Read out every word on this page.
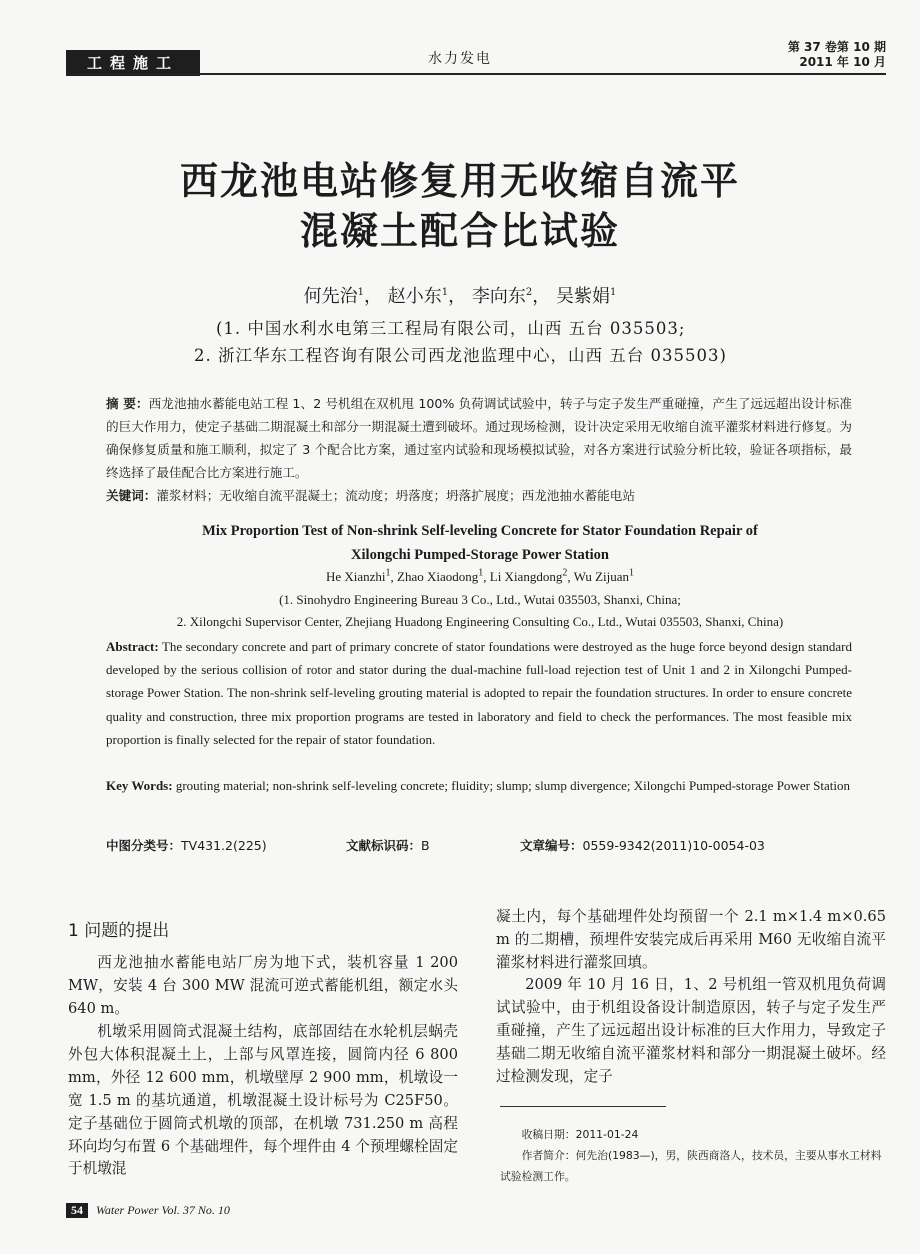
工程施工	水力发电
第 37 卷第 10 期
2011 年 10 月
西龙池电站修复用无收缩自流平
混凝土配合比试验
何先治$^1$， 赵小东$^1$， 李向东$^2$， 吴紫娟$^1$
(1. 中国水利水电第三工程局有限公司，山西 五台 035503;
2. 浙江华东工程咨询有限公司西龙池监理中心，山西 五台 035503)
摘 要：西龙池抽水蓄能电站工程 1、2 号机组在双机甩 100% 负荷调试试验中，转子与定子发生严重碰撞，产生了远远超出设计标准的巨大作用力，使定子基础二期混凝土和部分一期混凝土遭到破坏。通过现场检测，设计决定采用无收缩自流平灌浆材料进行修复。为确保修复质量和施工顺利，拟定了 3 个配合比方案，通过室内试验和现场模拟试验，对各方案进行试验分析比较，验证各项指标，最终选择了最佳配合比方案进行施工。
关键词：灌浆材料；无收缩自流平混凝土；流动度；坍落度；坍落扩展度；西龙池抽水蓄能电站
Mix Proportion Test of Non-shrink Self-leveling Concrete for Stator Foundation Repair of
Xilongchi Pumped-Storage Power Station
He Xianzhi$^1$, Zhao Xiaodong$^1$, Li Xiangdong$^2$, Wu Zijuan$^1$
(1. Sinohydro Engineering Bureau 3 Co., Ltd., Wutai 035503, Shanxi, China;
2. Xilongchi Supervisor Center, Zhejiang Huadong Engineering Consulting Co., Ltd., Wutai 035503, Shanxi, China)
Abstract: The secondary concrete and part of primary concrete of stator foundations were destroyed as the huge force beyond design standard developed by the serious collision of rotor and stator during the dual-machine full-load rejection test of Unit 1 and 2 in Xilongchi Pumped-storage Power Station. The non-shrink self-leveling grouting material is adopted to repair the foundation structures. In order to ensure concrete quality and construction, three mix proportion programs are tested in laboratory and field to check the performances. The most feasible mix proportion is finally selected for the repair of stator foundation.
Key Words: grouting material; non-shrink self-leveling concrete; fluidity; slump; slump divergence; Xilongchi Pumped-storage Power Station
中图分类号：TV431.2(225)	文献标识码：B	文章编号：0559-9342(2011)10-0054-03
1 问题的提出
西龙池抽水蓄能电站厂房为地下式，装机容量 1 200 MW，安装 4 台 300 MW 混流可逆式蓄能机组，额定水头 640 m。
机墩采用圆筒式混凝土结构，底部固结在水轮机层蜗壳外包大体积混凝土上，上部与风罩连接，圆筒内径 6 800 mm，外径 12 600 mm，机墩壁厚 2 900 mm，机墩设一宽 1.5 m 的基坑通道，机墩混凝土设计标号为 C25F50。定子基础位于圆筒式机墩的顶部，在机墩 731.250 m 高程环向均匀布置 6 个基础埋件，每个埋件由 4 个预埋螺栓固定于机墩混
凝土内，每个基础埋件处均预留一个 2.1 m×1.4 m×0.65 m 的二期槽，预埋件安装完成后再采用 M60 无收缩自流平灌浆材料进行灌浆回填。
2009 年 10 月 16 日，1、2 号机组一管双机甩负荷调试试验中，由于机组设备设计制造原因，转子与定子发生严重碰撞，产生了远远超出设计标准的巨大作用力，导致定子基础二期无收缩自流平灌浆材料和部分一期混凝土破坏。经过检测发现，定子
收稿日期：2011-01-24
作者简介：何先治(1983—)，男，陕西商洛人，技术员，主要从事水工材料试验检测工作。
54 Water Power Vol. 37 No. 10
